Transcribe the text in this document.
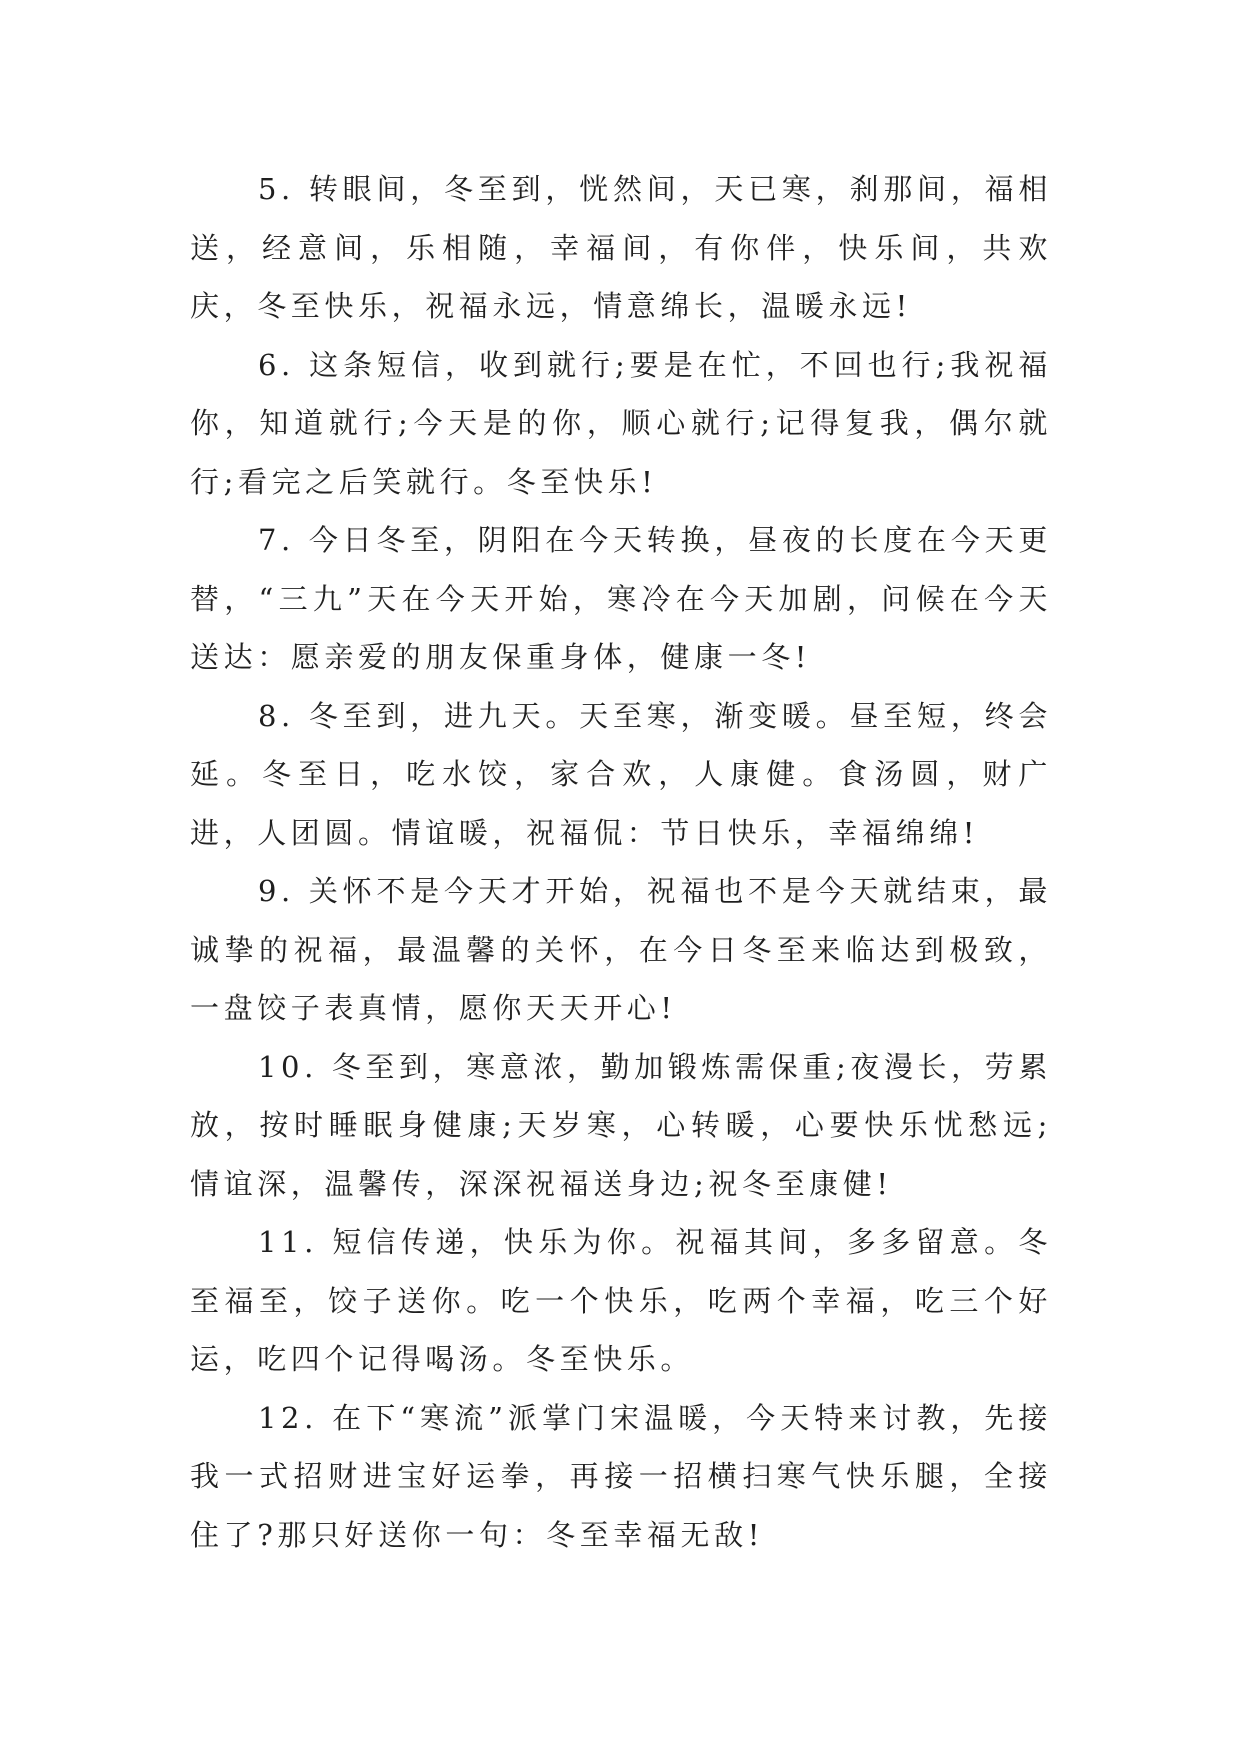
5. 转眼间，冬至到，恍然间，天已寒，刹那间，福相送，经意间，乐相随，幸福间，有你伴，快乐间，共欢庆，冬至快乐，祝福永远，情意绵长，温暖永远!

6. 这条短信，收到就行;要是在忙，不回也行;我祝福你，知道就行;今天是的你，顺心就行;记得复我，偶尔就行;看完之后笑就行。冬至快乐!

7. 今日冬至，阴阳在今天转换，昼夜的长度在今天更替，“三九”天在今天开始，寒冷在今天加剧，问候在今天送达：愿亲爱的朋友保重身体，健康一冬!

8. 冬至到，进九天。天至寒，渐变暖。昼至短，终会延。冬至日，吃水饺，家合欢，人康健。食汤圆，财广进，人团圆。情谊暖，祝福侃：节日快乐，幸福绵绵!

9. 关怀不是今天才开始，祝福也不是今天就结束，最诚挚的祝福，最温馨的关怀，在今日冬至来临达到极致，一盘饺子表真情，愿你天天开心!

10. 冬至到，寒意浓，勤加锻炼需保重;夜漫长，劳累放，按时睡眠身健康;天岁寒，心转暖，心要快乐忧愁远;情谊深，温馨传，深深祝福送身边;祝冬至康健!

11. 短信传递，快乐为你。祝福其间，多多留意。冬至福至，饺子送你。吃一个快乐，吃两个幸福，吃三个好运，吃四个记得喝汤。冬至快乐。

12. 在下“寒流”派掌门宋温暖，今天特来讨教，先接我一式招财进宝好运拳，再接一招横扫寒气快乐腿，全接住了?那只好送你一句：冬至幸福无敌!
